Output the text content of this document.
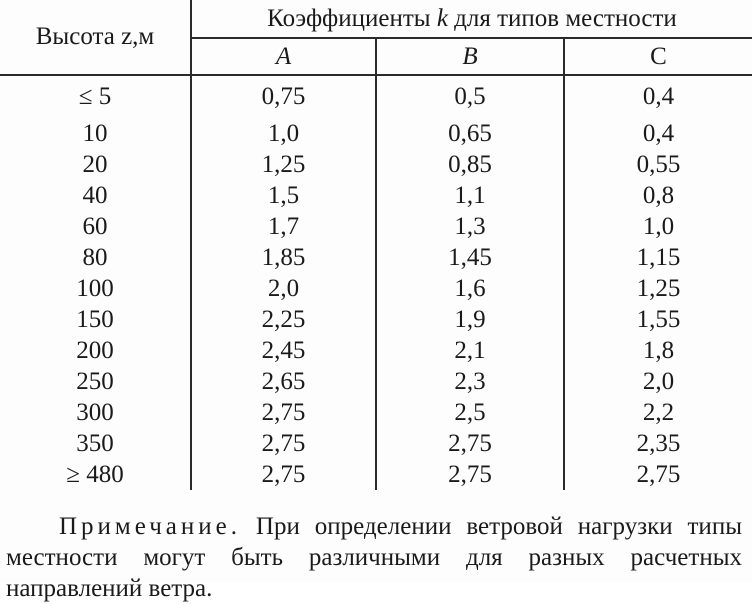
Высота z,м	Коэффициенты k для типов местности		
	A	B	C
≤ 5	0,75	0,5	0,4
10	1,0	0,65	0,4
20	1,25	0,85	0,55
40	1,5	1,1	0,8
60	1,7	1,3	1,0
80	1,85	1,45	1,15
100	2,0	1,6	1,25
150	2,25	1,9	1,55
200	2,45	2,1	1,8
250	2,65	2,3	2,0
300	2,75	2,5	2,2
350	2,75	2,75	2,35
≥ 480	2,75	2,75	2,75

Примечание. При определении ветровой нагрузки типы местности могут быть различными для разных расчетных направлений ветра.
